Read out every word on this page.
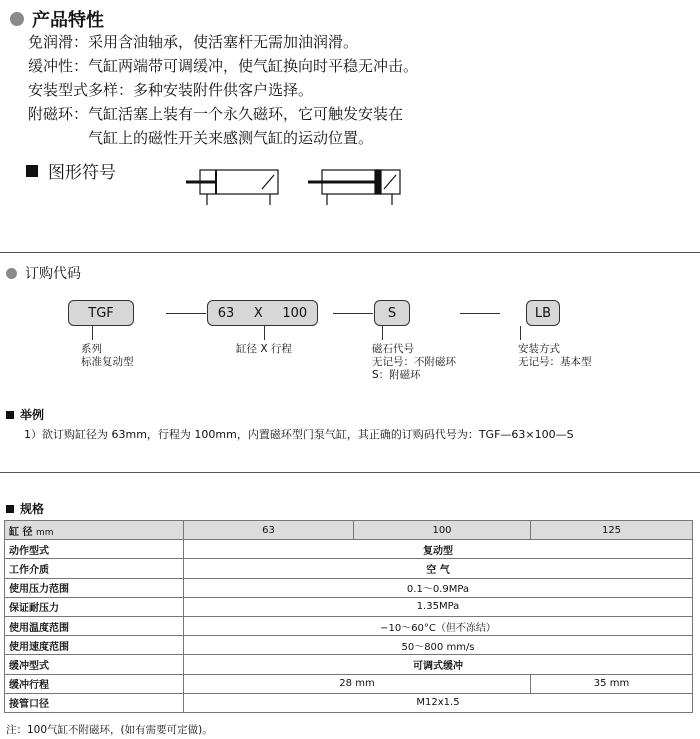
产品特性
免润滑：采用含油轴承，使活塞杆无需加油润滑。
缓冲性：气缸两端带可调缓冲，使气缸换向时平稳无冲击。
安装型式多样：多种安装附件供客户选择。
附磁环：气缸活塞上装有一个永久磁环，它可触发安装在
气缸上的磁性开关来感测气缸的运动位置。
图形符号
订购代码
TGF	63 X 100	S	LB
系列
标准复动型
缸径 X 行程	磁石代号
无记号：不附磁环
S：附磁环
安装方式
无记号：基本型
举例
1）欲订购缸径为 63mm，行程为 100mm，内置磁环型门泵气缸，其正确的订购码代号为：TGF—63×100—S
规格
缸 径 mm	63	100	125
动作型式	复动型		
工作介质	空 气		
使用压力范围	0.1～0.9MPa		
保证耐压力	1.35MPa		
使用温度范围	−10～60°C（但不冻结）		
使用速度范围	50～800 mm/s		
缓冲型式	可调式缓冲		
缓冲行程	28 mm		35 mm
接管口径	M12x1.5		
注：100气缸不附磁环，(如有需要可定做)。
